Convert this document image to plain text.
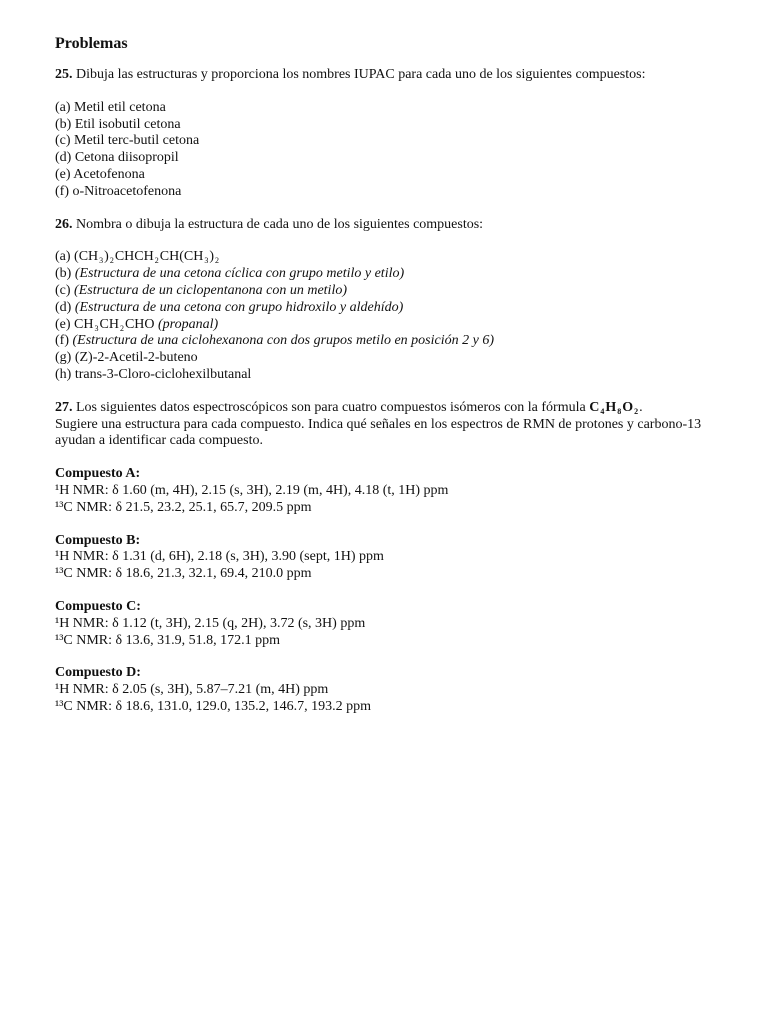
Problemas

25. Dibuja las estructuras y proporciona los nombres IUPAC para cada uno de los siguientes compuestos:

(a) Metil etil cetona
(b) Etil isobutil cetona
(c) Metil terc-butil cetona
(d) Cetona diisopropil
(e) Acetofenona
(f) o-Nitroacetofenona

26. Nombra o dibuja la estructura de cada uno de los siguientes compuestos:

(a) $(CH_3)_2CHCH_2CH(CH_3)_2$
(b) (Estructura de una cetona cíclica con grupo metilo y etilo)
(c) (Estructura de un ciclopentanona con un metilo)
(d) (Estructura de una cetona con grupo hidroxilo y aldehído)
(e) $CH_3CH_2CHO$ (propanal)
(f) (Estructura de una ciclohexanona con dos grupos metilo en posición 2 y 6)
(g) (Z)-2-Acetil-2-buteno
(h) trans-3-Cloro-ciclohexilbutanal

27. Los siguientes datos espectroscópicos son para cuatro compuestos isómeros con la fórmula $C_4H_8O_2$.
Sugiere una estructura para cada compuesto. Indica qué señales en los espectros de RMN de protones y carbono-13 ayudan a identificar cada compuesto.

Compuesto A:
¹H NMR: δ 1.60 (m, 4H), 2.15 (s, 3H), 2.19 (m, 4H), 4.18 (t, 1H) ppm
¹³C NMR: δ 21.5, 23.2, 25.1, 65.7, 209.5 ppm
Compuesto B:
¹H NMR: δ 1.31 (d, 6H), 2.18 (s, 3H), 3.90 (sept, 1H) ppm
¹³C NMR: δ 18.6, 21.3, 32.1, 69.4, 210.0 ppm
Compuesto C:
¹H NMR: δ 1.12 (t, 3H), 2.15 (q, 2H), 3.72 (s, 3H) ppm
¹³C NMR: δ 13.6, 31.9, 51.8, 172.1 ppm
Compuesto D:
¹H NMR: δ 2.05 (s, 3H), 5.87–7.21 (m, 4H) ppm
¹³C NMR: δ 18.6, 131.0, 129.0, 135.2, 146.7, 193.2 ppm
